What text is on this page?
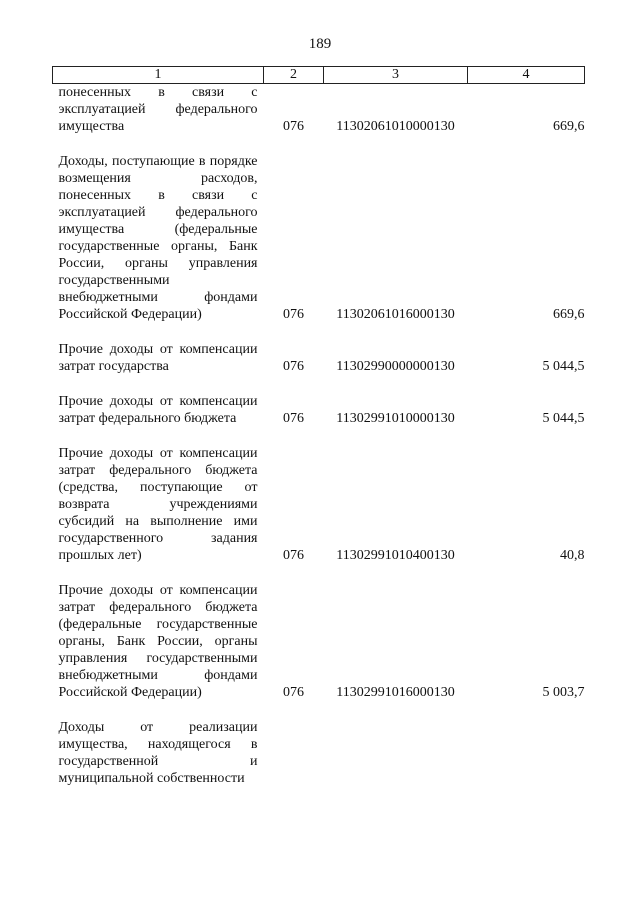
189
1	2	3	4
понесенных в связи с эксплуатацией федерального имущества	076	11302061010000130	669,6
Доходы, поступающие в порядке возмещения расходов, понесенных в связи с эксплуатацией федерального имущества (федеральные государственные органы, Банк России, органы управления государственными внебюджетными фондами Российской Федерации)	076	11302061016000130	669,6
Прочие доходы от компенсации затрат государства	076	11302990000000130	5 044,5
Прочие доходы от компенсации затрат федерального бюджета	076	11302991010000130	5 044,5
Прочие доходы от компенсации затрат федерального бюджета (средства, поступающие от возврата учреждениями субсидий на выполнение ими государственного задания прошлых лет)	076	11302991010400130	40,8
Прочие доходы от компенсации затрат федерального бюджета (федеральные государственные органы, Банк России, органы управления государственными внебюджетными фондами Российской Федерации)	076	11302991016000130	5 003,7
Доходы от реализации имущества, находящегося в государственной и муниципальной собственности			
